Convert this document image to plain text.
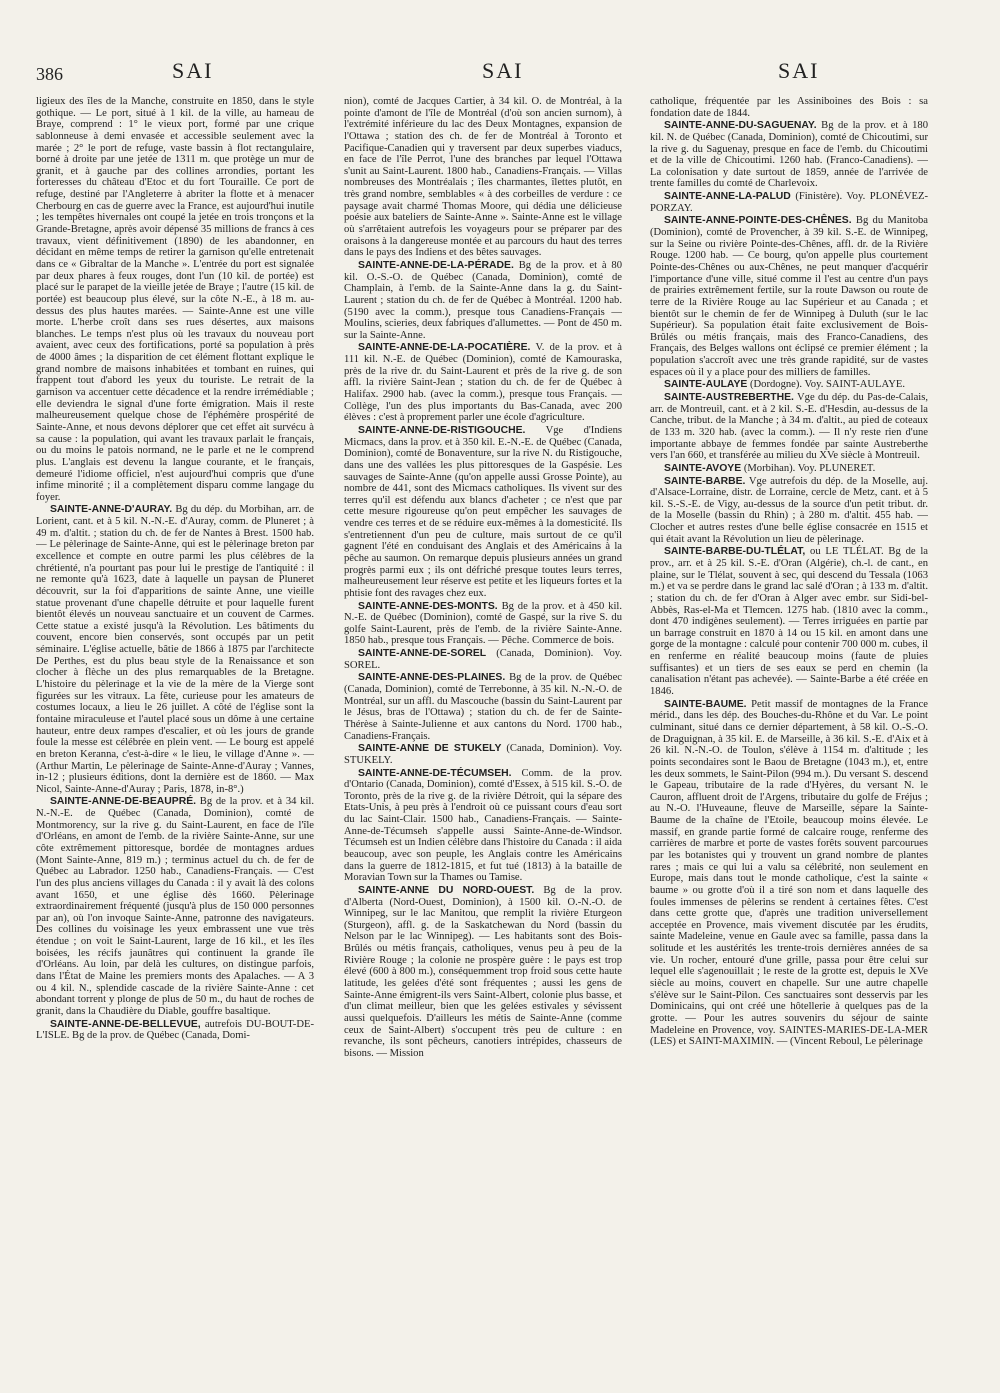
386	SAI	SAI	SAI

ligieux des îles de la Manche, construite en 1850, dans le style gothique. — Le port, situé à 1 kil. de la ville, au hameau de Braye, comprend : 1° le vieux port, formé par une crique sablonneuse à demi envasée et accessible seulement avec la marée ; 2° le port de refuge, vaste bassin à flot rectangulaire, borné à droite par une jetée de 1311 m. que protège un mur de granit, et à gauche par des collines arrondies, portant les forteresses du château d'Etoc et du fort Touraille. Ce port de refuge, destiné par l'Angleterre à abriter la flotte et à menacer Cherbourg en cas de guerre avec la France, est aujourd'hui inutile ; les tempêtes hivernales ont coupé la jetée en trois tronçons et la Grande-Bretagne, après avoir dépensé 35 millions de francs à ces travaux, vient définitivement (1890) de les abandonner, en décidant en même temps de retirer la garnison qu'elle entretenait dans ce « Gibraltar de la Manche ». L'entrée du port est signalée par deux phares à feux rouges, dont l'un (10 kil. de portée) est placé sur le parapet de la vieille jetée de Braye ; l'autre (15 kil. de portée) est beaucoup plus élevé, sur la côte N.-E., à 18 m. au-dessus des plus hautes marées. — Sainte-Anne est une ville morte. L'herbe croît dans ses rues désertes, aux maisons blanches. Le temps n'est plus où les travaux du nouveau port avaient, avec ceux des fortifications, porté sa population à près de 4000 âmes ; la disparition de cet élément flottant explique le grand nombre de maisons inhabitées et tombant en ruines, qui frappent tout d'abord les yeux du touriste. Le retrait de la garnison va accentuer cette décadence et la rendre irrémédiable ; elle deviendra le signal d'une forte émigration. Mais il reste malheureusement quelque chose de l'éphémère prospérité de Sainte-Anne, et nous devons déplorer que cet effet ait survécu à sa cause : la population, qui avant les travaux parlait le français, ou du moins le patois normand, ne le parle et ne le comprend plus. L'anglais est devenu la langue courante, et le français, demeuré l'idiome officiel, n'est aujourd'hui compris que d'une infime minorité ; il a complètement disparu comme langage du foyer.

SAINTE-ANNE-D'AURAY. Bg du dép. du Morbihan, arr. de Lorient, cant. et à 5 kil. N.-N.-E. d'Auray, comm. de Pluneret ; à 49 m. d'altit. ; station du ch. de fer de Nantes à Brest. 1500 hab. — Le pèlerinage de Sainte-Anne, qui est le pèlerinage breton par excellence et compte en outre parmi les plus célèbres de la chrétienté, n'a pourtant pas pour lui le prestige de l'antiquité : il ne remonte qu'à 1623, date à laquelle un paysan de Pluneret découvrit, sur la foi d'apparitions de sainte Anne, une vieille statue provenant d'une chapelle détruite et pour laquelle furent bientôt élevés un nouveau sanctuaire et un couvent de Carmes. Cette statue a existé jusqu'à la Révolution. Les bâtiments du couvent, encore bien conservés, sont occupés par un petit séminaire. L'église actuelle, bâtie de 1866 à 1875 par l'architecte De Perthes, est du plus beau style de la Renaissance et son clocher à flèche un des plus remarquables de la Bretagne. L'histoire du pèlerinage et la vie de la mère de la Vierge sont figurées sur les vitraux. La fête, curieuse pour les amateurs de costumes locaux, a lieu le 26 juillet. A côté de l'église sont la fontaine miraculeuse et l'autel placé sous un dôme à une certaine hauteur, entre deux rampes d'escalier, et où les jours de grande foule la messe est célébrée en plein vent. — Le bourg est appelé en breton Keranna, c'est-à-dire « le lieu, le village d'Anne ». — (Arthur Martin, Le pèlerinage de Sainte-Anne-d'Auray ; Vannes, in-12 ; plusieurs éditions, dont la dernière est de 1860. — Max Nicol, Sainte-Anne-d'Auray ; Paris, 1878, in-8°.)

SAINTE-ANNE-DE-BEAUPRÉ. Bg de la prov. et à 34 kil. N.-N.-E. de Québec (Canada, Dominion), comté de Montmorency, sur la rive g. du Saint-Laurent, en face de l'île d'Orléans, en amont de l'emb. de la rivière Sainte-Anne, sur une côte extrêmement pittoresque, bordée de montagnes ardues (Mont Sainte-Anne, 819 m.) ; terminus actuel du ch. de fer de Québec au Labrador. 1250 hab., Canadiens-Français. — C'est l'un des plus anciens villages du Canada : il y avait là des colons avant 1650, et une église dès 1660. Pèlerinage extraordinairement fréquenté (jusqu'à plus de 150 000 personnes par an), où l'on invoque Sainte-Anne, patronne des navigateurs. Des collines du voisinage les yeux embrassent une vue très étendue ; on voit le Saint-Laurent, large de 16 kil., et les îles boisées, les récifs jaunâtres qui continuent la grande île d'Orléans. Au loin, par delà les cultures, on distingue parfois, dans l'État de Maine les premiers monts des Apalaches. — A 3 ou 4 kil. N., splendide cascade de la rivière Sainte-Anne : cet abondant torrent y plonge de plus de 50 m., du haut de roches de granit, dans la Chaudière du Diable, gouffre basaltique.

SAINTE-ANNE-DE-BELLEVUE, autrefois DU-BOUT-DE-L'ISLE. Bg de la prov. de Québec (Canada, Domi-

nion), comté de Jacques Cartier, à 34 kil. O. de Montréal, à la pointe d'amont de l'île de Montréal (d'où son ancien surnom), à l'extrémité inférieure du lac des Deux Montagnes, expansion de l'Ottawa ; station des ch. de fer de Montréal à Toronto et Pacifique-Canadien qui y traversent par deux superbes viaducs, en face de l'île Perrot, l'une des branches par lequel l'Ottawa s'unit au Saint-Laurent. 1800 hab., Canadiens-Français. — Villas nombreuses des Montréalais ; îles charmantes, îlettes plutôt, en très grand nombre, semblables « à des corbeilles de verdure : ce paysage avait charmé Thomas Moore, qui dédia une délicieuse poésie aux bateliers de Sainte-Anne ». Sainte-Anne est le village où s'arrêtaient autrefois les voyageurs pour se préparer par des oraisons à la dangereuse montée et au parcours du haut des terres dans le pays des Indiens et des bêtes sauvages.

SAINTE-ANNE-DE-LA-PÉRADE. Bg de la prov. et à 80 kil. O.-S.-O. de Québec (Canada, Dominion), comté de Champlain, à l'emb. de la Sainte-Anne dans la g. du Saint-Laurent ; station du ch. de fer de Québec à Montréal. 1200 hab. (5190 avec la comm.), presque tous Canadiens-Français — Moulins, scieries, deux fabriques d'allumettes. — Pont de 450 m. sur la Sainte-Anne.

SAINTE-ANNE-DE-LA-POCATIÈRE. V. de la prov. et à 111 kil. N.-E. de Québec (Dominion), comté de Kamouraska, près de la rive dr. du Saint-Laurent et près de la rive g. de son affl. la rivière Saint-Jean ; station du ch. de fer de Québec à Halifax. 2900 hab. (avec la comm.), presque tous Français. — Collège, l'un des plus importants du Bas-Canada, avec 200 élèves : c'est à proprement parler une école d'agriculture.

SAINTE-ANNE-DE-RISTIGOUCHE. Vge d'Indiens Micmacs, dans la prov. et à 350 kil. E.-N.-E. de Québec (Canada, Dominion), comté de Bonaventure, sur la rive N. du Ristigouche, dans une des vallées les plus pittoresques de la Gaspésie. Les sauvages de Sainte-Anne (qu'on appelle aussi Grosse Pointe), au nombre de 441, sont des Micmacs catholiques. Ils vivent sur des terres qu'il est défendu aux blancs d'acheter ; ce n'est que par cette mesure rigoureuse qu'on peut empêcher les sauvages de vendre ces terres et de se réduire eux-mêmes à la domesticité. Ils s'entretiennent d'un peu de culture, mais surtout de ce qu'il gagnent l'été en conduisant des Anglais et des Américains à la pêche au saumon. On remarque depuis plusieurs années un grand progrès parmi eux ; ils ont défriché presque toutes leurs terres, malheureusement leur réserve est petite et les liqueurs fortes et la phtisie font des ravages chez eux.

SAINTE-ANNE-DES-MONTS. Bg de la prov. et à 450 kil. N.-E. de Québec (Dominion), comté de Gaspé, sur la rive S. du golfe Saint-Laurent, près de l'emb. de la rivière Sainte-Anne. 1850 hab., presque tous Français. — Pêche. Commerce de bois.

SAINTE-ANNE-DE-SOREL (Canada, Dominion). Voy. SOREL.

SAINTE-ANNE-DES-PLAINES. Bg de la prov. de Québec (Canada, Dominion), comté de Terrebonne, à 35 kil. N.-N.-O. de Montréal, sur un affl. du Mascouche (bassin du Saint-Laurent par le Jésus, bras de l'Ottawa) ; station du ch. de fer de Sainte-Thérèse à Sainte-Julienne et aux cantons du Nord. 1700 hab., Canadiens-Français.

SAINTE-ANNE DE STUKELY (Canada, Dominion). Voy. STUKELY.

SAINTE-ANNE-DE-TÉCUMSEH. Comm. de la prov. d'Ontario (Canada, Dominion), comté d'Essex, à 515 kil. S.-O. de Toronto, près de la rive g. de la rivière Détroit, qui la sépare des Etats-Unis, à peu près à l'endroit où ce puissant cours d'eau sort du lac Saint-Clair. 1500 hab., Canadiens-Français. — Sainte-Anne-de-Técumseh s'appelle aussi Sainte-Anne-de-Windsor. Técumseh est un Indien célèbre dans l'histoire du Canada : il aida beaucoup, avec son peuple, les Anglais contre les Américains dans la guerre de 1812-1815, et fut tué (1813) à la bataille de Moravian Town sur la Thames ou Tamise.

SAINTE-ANNE DU NORD-OUEST. Bg de la prov. d'Alberta (Nord-Ouest, Dominion), à 1500 kil. O.-N.-O. de Winnipeg, sur le lac Manitou, que remplit la rivière Eturgeon (Sturgeon), affl. g. de la Saskatchewan du Nord (bassin du Nelson par le lac Winnipeg). — Les habitants sont des Bois-Brûlés ou métis français, catholiques, venus peu à peu de la Rivière Rouge ; la colonie ne prospère guère : le pays est trop élevé (600 à 800 m.), conséquemment trop froid sous cette haute latitude, les gelées d'été sont fréquentes ; aussi les gens de Sainte-Anne émigrent-ils vers Saint-Albert, colonie plus basse, et d'un climat meilleur, bien que les gelées estivales y sévissent aussi quelquefois. D'ailleurs les métis de Sainte-Anne (comme ceux de Saint-Albert) s'occupent très peu de culture : en revanche, ils sont pêcheurs, canotiers intrépides, chasseurs de bisons. — Mission

catholique, fréquentée par les Assiniboines des Bois : sa fondation date de 1844.

SAINTE-ANNE-DU-SAGUENAY. Bg de la prov. et à 180 kil. N. de Québec (Canada, Dominion), comté de Chicoutimi, sur la rive g. du Saguenay, presque en face de l'emb. du Chicoutimi et de la ville de Chicoutimi. 1260 hab. (Franco-Canadiens). — La colonisation y date surtout de 1859, année de l'arrivée de trente familles du comté de Charlevoix.

SAINTE-ANNE-LA-PALUD (Finistère). Voy. PLONÉVEZ-PORZAY.

SAINTE-ANNE-POINTE-DES-CHÊNES. Bg du Manitoba (Dominion), comté de Provencher, à 39 kil. S.-E. de Winnipeg, sur la Seine ou rivière Pointe-des-Chênes, affl. dr. de la Rivière Rouge. 1200 hab. — Ce bourg, qu'on appelle plus courtement Pointe-des-Chênes ou aux-Chênes, ne peut manquer d'acquérir l'importance d'une ville, situé comme il l'est au centre d'un pays de prairies extrêmement fertile, sur la route Dawson ou route de terre de la Rivière Rouge au lac Supérieur et au Canada ; et bientôt sur le chemin de fer de Winnipeg à Duluth (sur le lac Supérieur). Sa population était faite exclusivement de Bois-Brûlés ou métis français, mais des Franco-Canadiens, des Français, des Belges wallons ont éclipsé ce premier élément ; la population s'accroît avec une très grande rapidité, sur de vastes espaces où il y a place pour des milliers de familles.

SAINTE-AULAYE (Dordogne). Voy. SAINT-AULAYE.

SAINTE-AUSTREBERTHE. Vge du dép. du Pas-de-Calais, arr. de Montreuil, cant. et à 2 kil. S.-E. d'Hesdin, au-dessus de la Canche, tribut. de la Manche ; à 34 m. d'altit., au pied de coteaux de 133 m. 320 hab. (avec la comm.). — Il n'y reste rien d'une importante abbaye de femmes fondée par sainte Austreberthe vers l'an 660, et transférée au milieu du XVe siècle à Montreuil.

SAINTE-AVOYE (Morbihan). Voy. PLUNERET.

SAINTE-BARBE. Vge autrefois du dép. de la Moselle, auj. d'Alsace-Lorraine, distr. de Lorraine, cercle de Metz, cant. et à 5 kil. S.-S.-E. de Vigy, au-dessus de la source d'un petit tribut. dr. de la Moselle (bassin du Rhin) ; à 280 m. d'altit. 455 hab. — Clocher et autres restes d'une belle église consacrée en 1515 et qui était avant la Révolution un lieu de pèlerinage.

SAINTE-BARBE-DU-TLÉLAT, ou LE TLÉLAT. Bg de la prov., arr. et à 25 kil. S.-E. d'Oran (Algérie), ch.-l. de cant., en plaine, sur le Tlélat, souvent à sec, qui descend du Tessala (1063 m.) et va se perdre dans le grand lac salé d'Oran ; à 133 m. d'altit. ; station du ch. de fer d'Oran à Alger avec embr. sur Sidi-bel-Abbès, Ras-el-Ma et Tlemcen. 1275 hab. (1810 avec la comm., dont 470 indigènes seulement). — Terres irriguées en partie par un barrage construit en 1870 à 14 ou 15 kil. en amont dans une gorge de la montagne : calculé pour contenir 700 000 m. cubes, il en renferme en réalité beaucoup moins (faute de pluies suffisantes) et un tiers de ses eaux se perd en chemin (la canalisation n'étant pas achevée). — Sainte-Barbe a été créée en 1846.

SAINTE-BAUME. Petit massif de montagnes de la France mérid., dans les dép. des Bouches-du-Rhône et du Var. Le point culminant, situé dans ce dernier département, à 58 kil. O.-S.-O. de Draguignan, à 35 kil. E. de Marseille, à 36 kil. S.-E. d'Aix et à 26 kil. N.-N.-O. de Toulon, s'élève à 1154 m. d'altitude ; les points secondaires sont le Baou de Bretagne (1043 m.), et, entre les deux sommets, le Saint-Pilon (994 m.). Du versant S. descend le Gapeau, tributaire de la rade d'Hyères, du versant N. le Cauron, affluent droit de l'Argens, tributaire du golfe de Fréjus ; au N.-O. l'Huveaune, fleuve de Marseille, sépare la Sainte-Baume de la chaîne de l'Etoile, beaucoup moins élevée. Le massif, en grande partie formé de calcaire rouge, renferme des carrières de marbre et porte de vastes forêts souvent parcourues par les botanistes qui y trouvent un grand nombre de plantes rares ; mais ce qui lui a valu sa célébrité, non seulement en Europe, mais dans tout le monde catholique, c'est la sainte « baume » ou grotte d'où il a tiré son nom et dans laquelle des foules immenses de pèlerins se rendent à certaines fêtes. C'est dans cette grotte que, d'après une tradition universellement acceptée en Provence, mais vivement discutée par les érudits, sainte Madeleine, venue en Gaule avec sa famille, passa dans la solitude et les austérités les trente-trois dernières années de sa vie. Un rocher, entouré d'une grille, passa pour être celui sur lequel elle s'agenouillait ; le reste de la grotte est, depuis le XVe siècle au moins, couvert en chapelle. Sur une autre chapelle s'élève sur le Saint-Pilon. Ces sanctuaires sont desservis par les Dominicains, qui ont créé une hôtellerie à quelques pas de la grotte. — Pour les autres souvenirs du séjour de sainte Madeleine en Provence, voy. SAINTES-MARIES-DE-LA-MER (LES) et SAINT-MAXIMIN. — (Vincent Reboul, Le pèlerinage
